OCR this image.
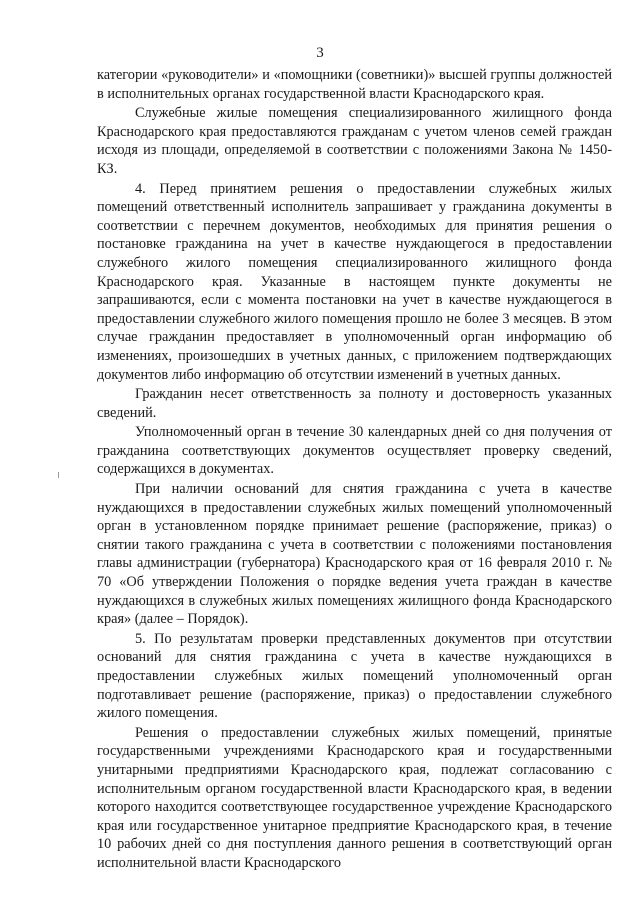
3

категории «руководители» и «помощники (советники)» высшей группы должностей в исполнительных органах государственной власти Краснодарского края.

Служебные жилые помещения специализированного жилищного фонда Краснодарского края предоставляются гражданам с учетом членов семей граждан исходя из площади, определяемой в соответствии с положениями Закона № 1450-КЗ.

4. Перед принятием решения о предоставлении служебных жилых помещений ответственный исполнитель запрашивает у гражданина документы в соответствии с перечнем документов, необходимых для принятия решения о постановке гражданина на учет в качестве нуждающегося в предоставлении служебного жилого помещения специализированного жилищного фонда Краснодарского края. Указанные в настоящем пункте документы не запрашиваются, если с момента постановки на учет в качестве нуждающегося в предоставлении служебного жилого помещения прошло не более 3 месяцев. В этом случае гражданин предоставляет в уполномоченный орган информацию об изменениях, произошедших в учетных данных, с приложением подтверждающих документов либо информацию об отсутствии изменений в учетных данных.

Гражданин несет ответственность за полноту и достоверность указанных сведений.

Уполномоченный орган в течение 30 календарных дней со дня получения от гражданина соответствующих документов осуществляет проверку сведений, содержащихся в документах.

При наличии оснований для снятия гражданина с учета в качестве нуждающихся в предоставлении служебных жилых помещений уполномоченный орган в установленном порядке принимает решение (распоряжение, приказ) о снятии такого гражданина с учета в соответствии с положениями постановления главы администрации (губернатора) Краснодарского края от 16 февраля 2010 г. № 70 «Об утверждении Положения о порядке ведения учета граждан в качестве нуждающихся в служебных жилых помещениях жилищного фонда Краснодарского края» (далее – Порядок).

5. По результатам проверки представленных документов при отсутствии оснований для снятия гражданина с учета в качестве нуждающихся в предоставлении служебных жилых помещений уполномоченный орган подготавливает решение (распоряжение, приказ) о предоставлении служебного жилого помещения.

Решения о предоставлении служебных жилых помещений, принятые государственными учреждениями Краснодарского края и государственными унитарными предприятиями Краснодарского края, подлежат согласованию с исполнительным органом государственной власти Краснодарского края, в ведении которого находится соответствующее государственное учреждение Краснодарского края или государственное унитарное предприятие Краснодарского края, в течение 10 рабочих дней со дня поступления данного решения в соответствующий орган исполнительной власти Краснодарского
